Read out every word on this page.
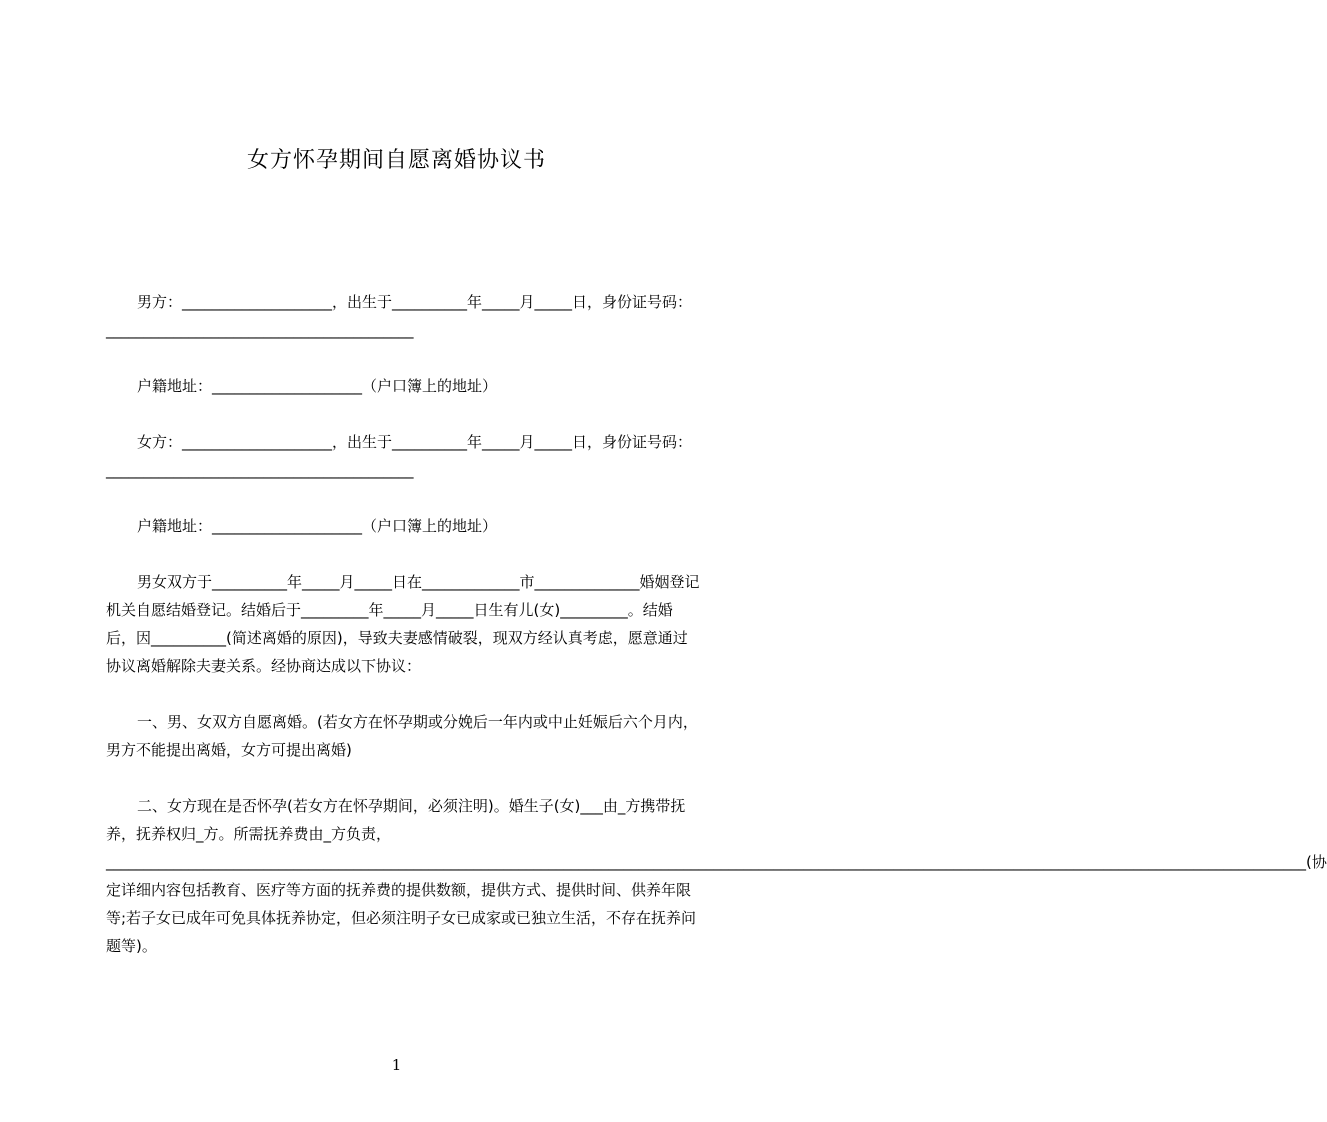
女方怀孕期间自愿离婚协议书

男方：____________________，出生于__________年_____月_____日，身份证号码：_________________________________________

户籍地址：____________________（户口簿上的地址）

女方：____________________，出生于__________年_____月_____日，身份证号码：_________________________________________

户籍地址：____________________（户口簿上的地址）

男女双方于__________年_____月_____日在_____________市______________婚姻登记机关自愿结婚登记。结婚后于_________年_____月_____日生有儿(女)_________。结婚后，因__________(简述离婚的原因)，导致夫妻感情破裂，现双方经认真考虑，愿意通过协议离婚解除夫妻关系。经协商达成以下协议：

一、男、女双方自愿离婚。(若女方在怀孕期或分娩后一年内或中止妊娠后六个月内，男方不能提出离婚，女方可提出离婚)

二、女方现在是否怀孕(若女方在怀孕期间，必须注明)。婚生子(女)___由_方携带抚养，抚养权归_方。所需抚养费由_方负责，________________________________________________________________________________________________________________________________________________________________(协定详细内容包括教育、医疗等方面的抚养费的提供数额，提供方式、提供时间、供养年限等;若子女已成年可免具体抚养协定，但必须注明子女已成家或已独立生活，不存在抚养问题等)。

1
